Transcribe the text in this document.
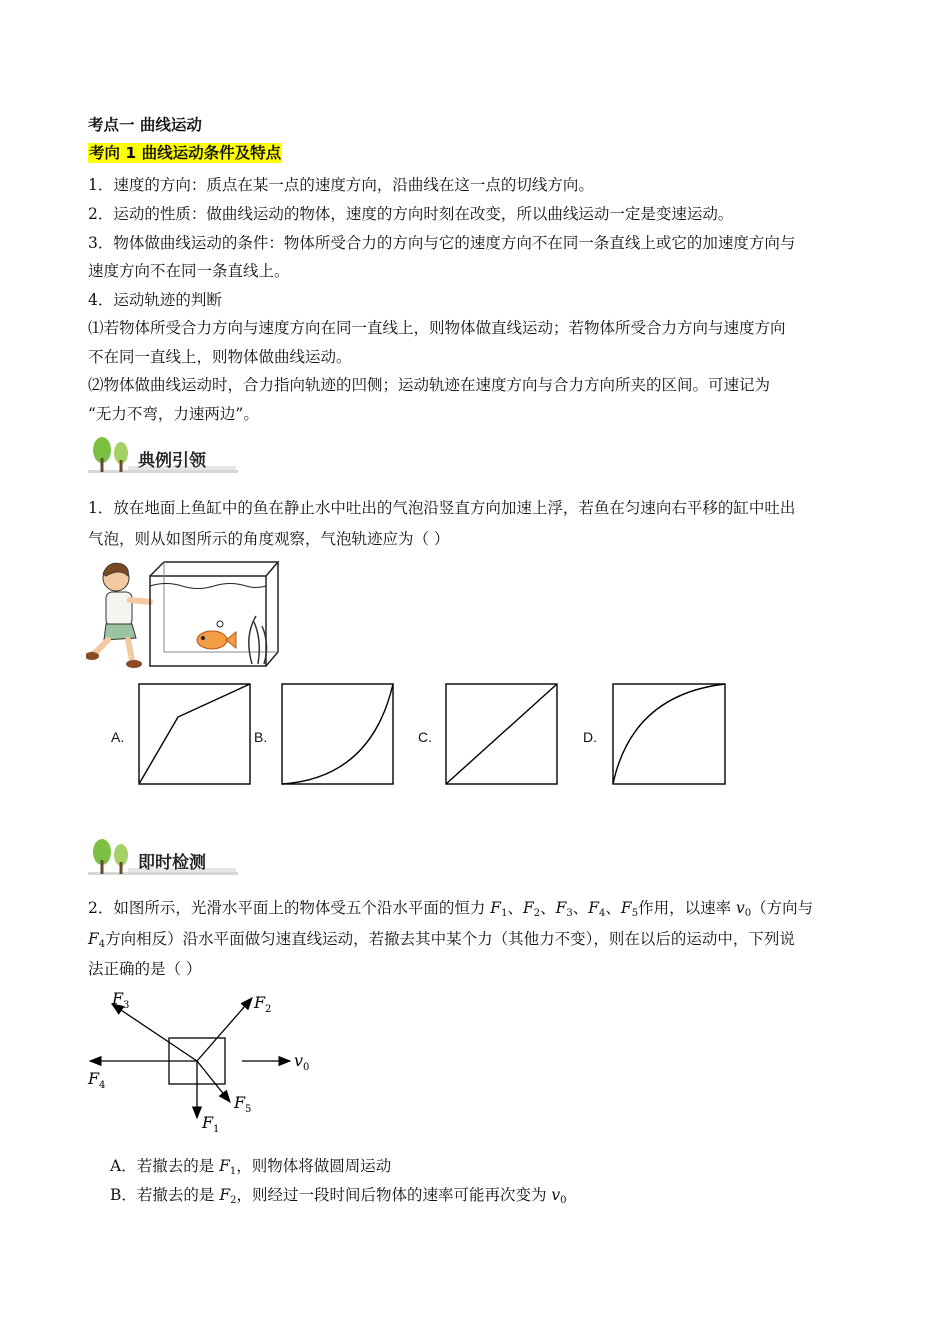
考点一 曲线运动
考向 1 曲线运动条件及特点
1．速度的方向：质点在某一点的速度方向，沿曲线在这一点的切线方向。
2．运动的性质：做曲线运动的物体，速度的方向时刻在改变，所以曲线运动一定是变速运动。
3．物体做曲线运动的条件：物体所受合力的方向与它的速度方向不在同一条直线上或它的加速度方向与
速度方向不在同一条直线上。
4．运动轨迹的判断
⑴若物体所受合力方向与速度方向在同一直线上，则物体做直线运动；若物体所受合力方向与速度方向
不在同一直线上，则物体做曲线运动。
⑵物体做曲线运动时，合力指向轨迹的凹侧；运动轨迹在速度方向与合力方向所夹的区间。可速记为
“无力不弯，力速两边”。
典例引领
1．放在地面上鱼缸中的鱼在静止水中吐出的气泡沿竖直方向加速上浮，若鱼在匀速向右平移的缸中吐出
气泡，则从如图所示的角度观察，气泡轨迹应为（ ）
A.	B.	C.	D.
即时检测
2．如图所示，光滑水平面上的物体受五个沿水平面的恒力 $F_1$、$F_2$、$F_3$、$F_4$、$F_5$作用，以速率 $v_0$（方向与
$F_4$方向相反）沿水平面做匀速直线运动，若撤去其中某个力（其他力不变），则在以后的运动中，下列说
法正确的是（ ）
F 3	F 2
F 4
v 0
F 5
F 1
A．若撤去的是 $F_1$，则物体将做圆周运动
B．若撤去的是 $F_2$，则经过一段时间后物体的速率可能再次变为 $v_0$
